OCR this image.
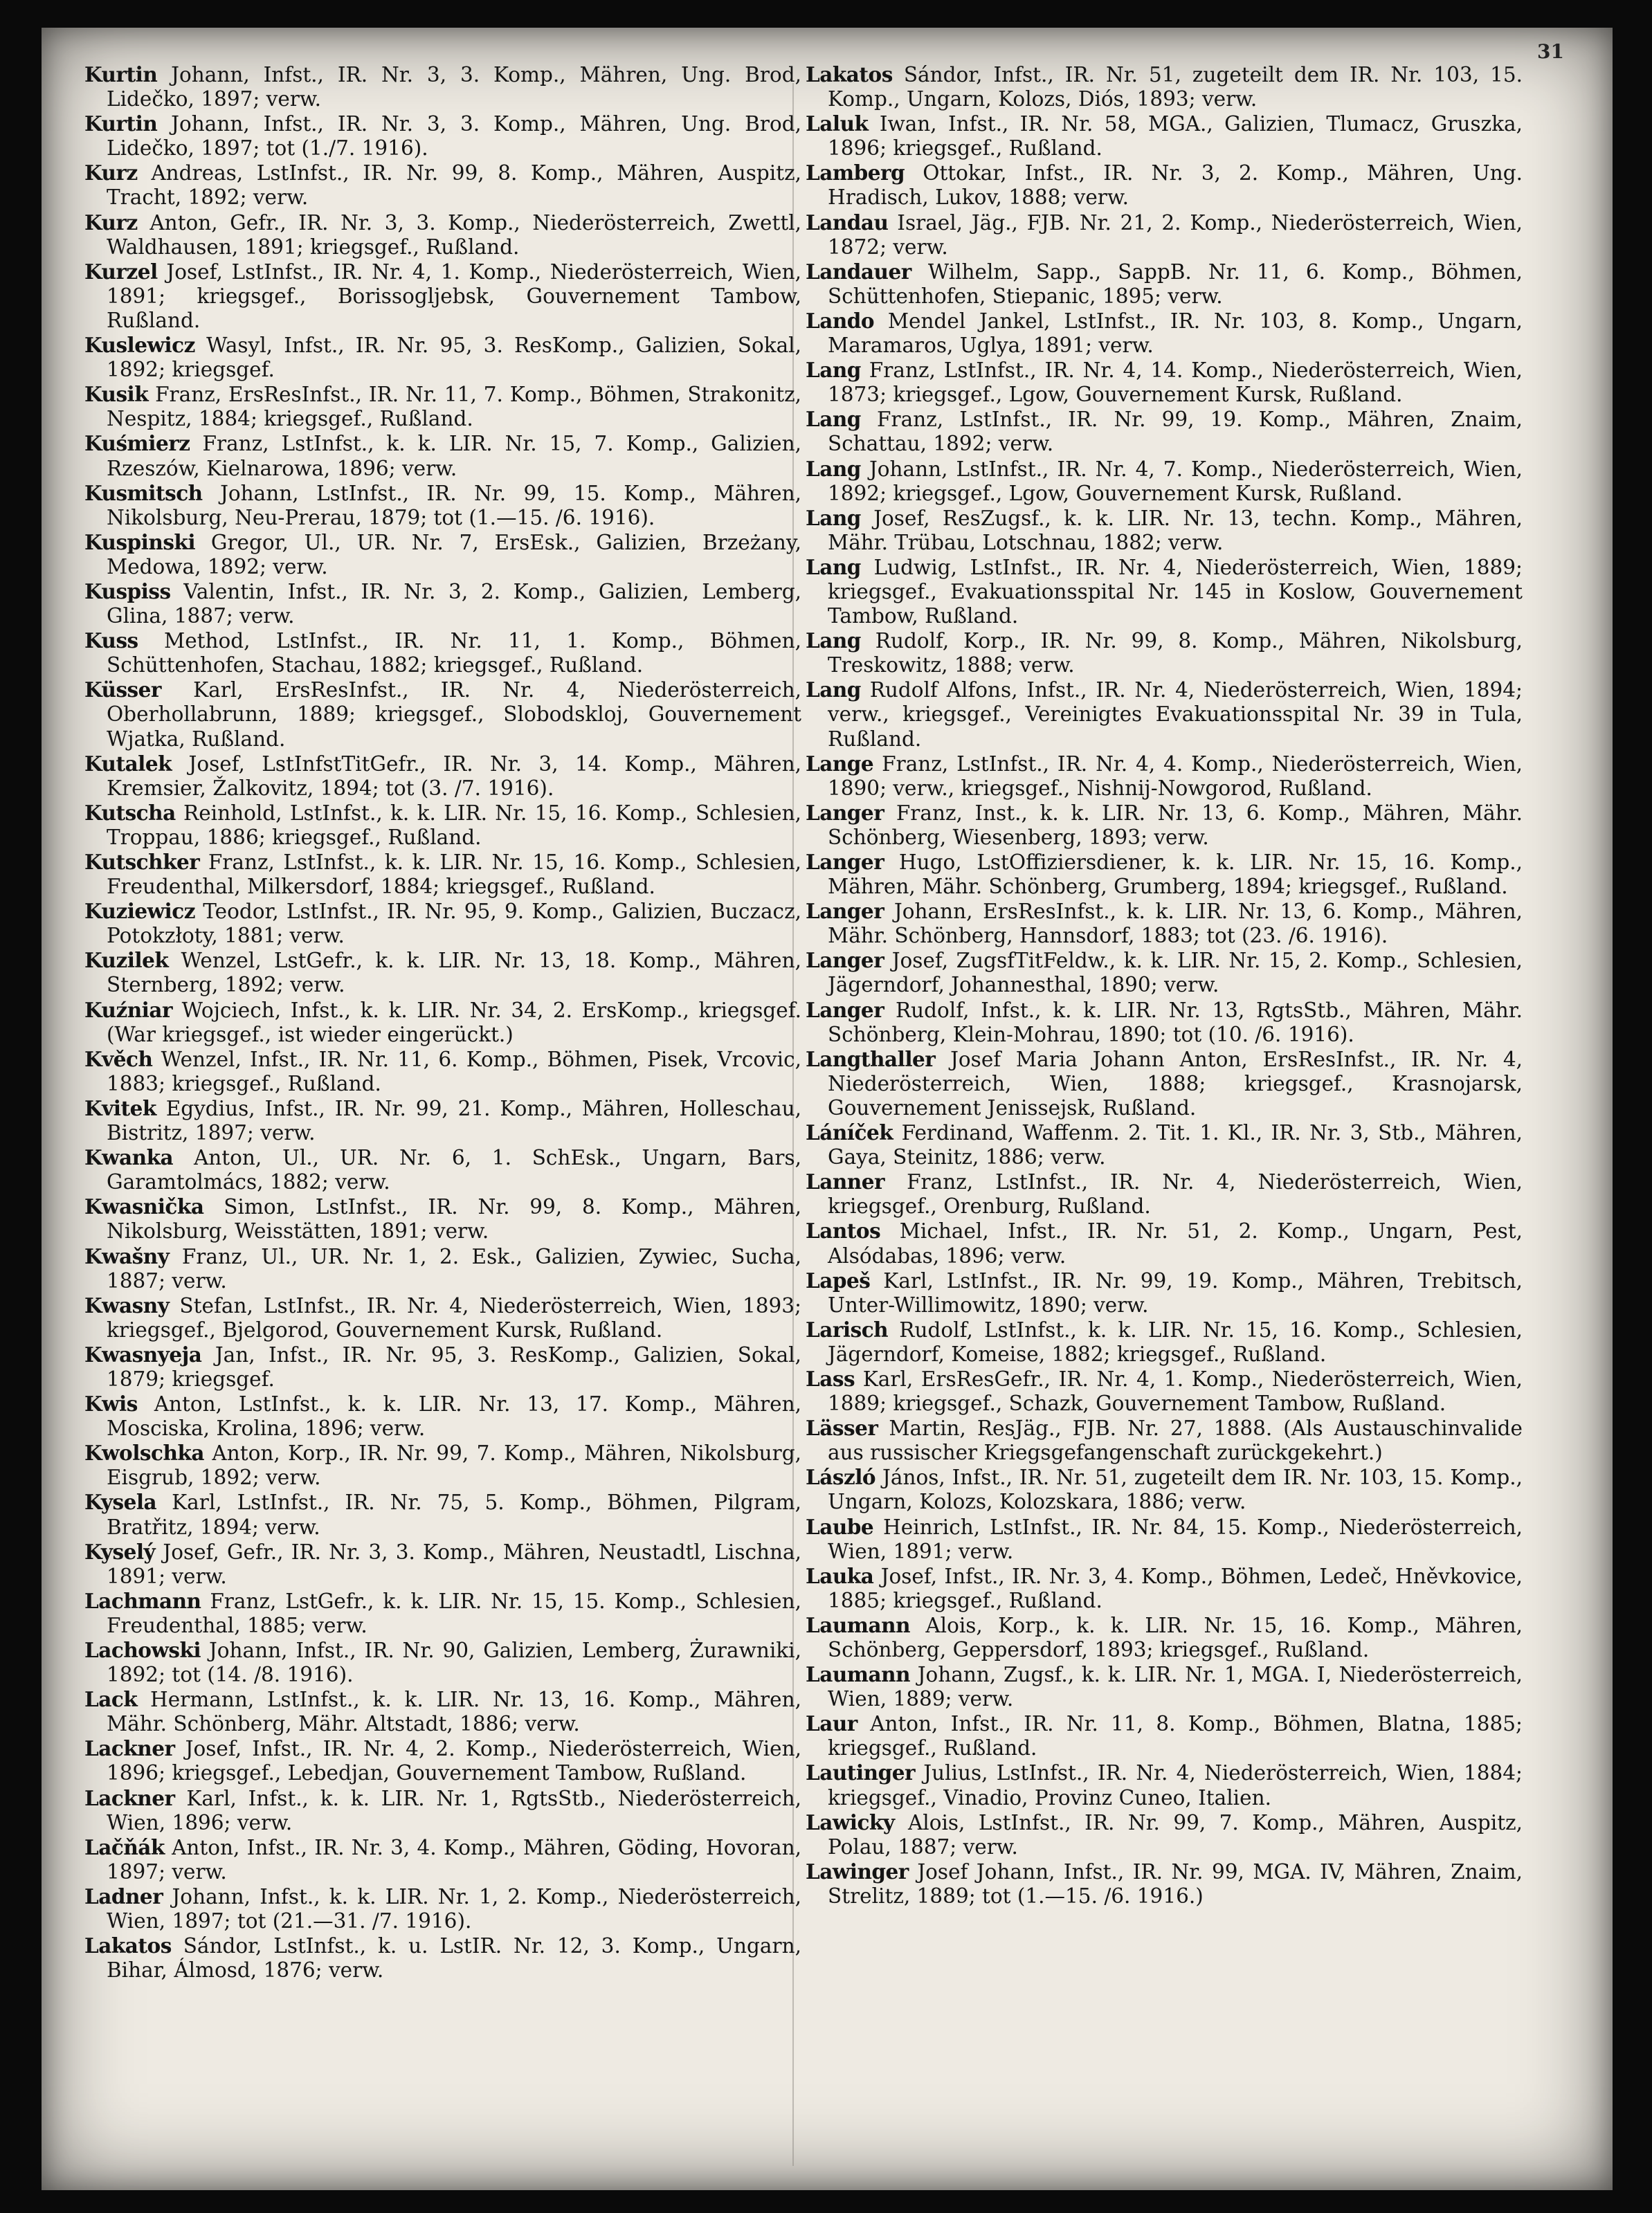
31

Kurtin Johann, Infst., IR. Nr. 3, 3. Komp., Mähren, Ung. Brod, Lidečko, 1897; verw.

Kurtin Johann, Infst., IR. Nr. 3, 3. Komp., Mähren, Ung. Brod, Lidečko, 1897; tot (1./7. 1916).

Kurz Andreas, LstInfst., IR. Nr. 99, 8. Komp., Mähren, Auspitz, Tracht, 1892; verw.

Kurz Anton, Gefr., IR. Nr. 3, 3. Komp., Niederösterreich, Zwettl, Waldhausen, 1891; kriegsgef., Rußland.

Kurzel Josef, LstInfst., IR. Nr. 4, 1. Komp., Niederösterreich, Wien, 1891; kriegsgef., Borissogljebsk, Gouvernement Tambow, Rußland.

Kuslewicz Wasyl, Infst., IR. Nr. 95, 3. ResKomp., Galizien, Sokal, 1892; kriegsgef.

Kusik Franz, ErsResInfst., IR. Nr. 11, 7. Komp., Böhmen, Strakonitz, Nespitz, 1884; kriegsgef., Rußland.

Kuśmierz Franz, LstInfst., k. k. LIR. Nr. 15, 7. Komp., Galizien, Rzeszów, Kielnarowa, 1896; verw.

Kusmitsch Johann, LstInfst., IR. Nr. 99, 15. Komp., Mähren, Nikolsburg, Neu-Prerau, 1879; tot (1.—15. /6. 1916).

Kuspinski Gregor, Ul., UR. Nr. 7, ErsEsk., Galizien, Brzeżany, Medowa, 1892; verw.

Kuspiss Valentin, Infst., IR. Nr. 3, 2. Komp., Galizien, Lemberg, Glina, 1887; verw.

Kuss Method, LstInfst., IR. Nr. 11, 1. Komp., Böhmen, Schüttenhofen, Stachau, 1882; kriegsgef., Rußland.

Küsser Karl, ErsResInfst., IR. Nr. 4, Niederösterreich, Oberhollabrunn, 1889; kriegsgef., Slobodskloj, Gouvernement Wjatka, Rußland.

Kutalek Josef, LstInfstTitGefr., IR. Nr. 3, 14. Komp., Mähren, Kremsier, Žalkovitz, 1894; tot (3. /7. 1916).

Kutscha Reinhold, LstInfst., k. k. LIR. Nr. 15, 16. Komp., Schlesien, Troppau, 1886; kriegsgef., Rußland.

Kutschker Franz, LstInfst., k. k. LIR. Nr. 15, 16. Komp., Schlesien, Freudenthal, Milkersdorf, 1884; kriegsgef., Rußland.

Kuziewicz Teodor, LstInfst., IR. Nr. 95, 9. Komp., Galizien, Buczacz, Potokzłoty, 1881; verw.

Kuzilek Wenzel, LstGefr., k. k. LIR. Nr. 13, 18. Komp., Mähren, Sternberg, 1892; verw.

Kuźniar Wojciech, Infst., k. k. LIR. Nr. 34, 2. ErsKomp., kriegsgef. (War kriegsgef., ist wieder eingerückt.)

Kvěch Wenzel, Infst., IR. Nr. 11, 6. Komp., Böhmen, Pisek, Vrcovic, 1883; kriegsgef., Rußland.

Kvitek Egydius, Infst., IR. Nr. 99, 21. Komp., Mähren, Holleschau, Bistritz, 1897; verw.

Kwanka Anton, Ul., UR. Nr. 6, 1. SchEsk., Ungarn, Bars, Garamtolmács, 1882; verw.

Kwasnička Simon, LstInfst., IR. Nr. 99, 8. Komp., Mähren, Nikolsburg, Weisstätten, 1891; verw.

Kwašny Franz, Ul., UR. Nr. 1, 2. Esk., Galizien, Zywiec, Sucha, 1887; verw.

Kwasny Stefan, LstInfst., IR. Nr. 4, Niederösterreich, Wien, 1893; kriegsgef., Bjelgorod, Gouvernement Kursk, Rußland.

Kwasnyeja Jan, Infst., IR. Nr. 95, 3. ResKomp., Galizien, Sokal, 1879; kriegsgef.

Kwis Anton, LstInfst., k. k. LIR. Nr. 13, 17. Komp., Mähren, Mosciska, Krolina, 1896; verw.

Kwolschka Anton, Korp., IR. Nr. 99, 7. Komp., Mähren, Nikolsburg, Eisgrub, 1892; verw.

Kysela Karl, LstInfst., IR. Nr. 75, 5. Komp., Böhmen, Pilgram, Bratřitz, 1894; verw.

Kyselý Josef, Gefr., IR. Nr. 3, 3. Komp., Mähren, Neustadtl, Lischna, 1891; verw.

Lachmann Franz, LstGefr., k. k. LIR. Nr. 15, 15. Komp., Schlesien, Freudenthal, 1885; verw.

Lachowski Johann, Infst., IR. Nr. 90, Galizien, Lemberg, Żurawniki, 1892; tot (14. /8. 1916).

Lack Hermann, LstInfst., k. k. LIR. Nr. 13, 16. Komp., Mähren, Mähr. Schönberg, Mähr. Altstadt, 1886; verw.

Lackner Josef, Infst., IR. Nr. 4, 2. Komp., Niederösterreich, Wien, 1896; kriegsgef., Lebedjan, Gouvernement Tambow, Rußland.

Lackner Karl, Infst., k. k. LIR. Nr. 1, RgtsStb., Niederösterreich, Wien, 1896; verw.

Lačňák Anton, Infst., IR. Nr. 3, 4. Komp., Mähren, Göding, Hovoran, 1897; verw.

Ladner Johann, Infst., k. k. LIR. Nr. 1, 2. Komp., Niederösterreich, Wien, 1897; tot (21.—31. /7. 1916).

Lakatos Sándor, LstInfst., k. u. LstIR. Nr. 12, 3. Komp., Ungarn, Bihar, Álmosd, 1876; verw.

Lakatos Sándor, Infst., IR. Nr. 51, zugeteilt dem IR. Nr. 103, 15. Komp., Ungarn, Kolozs, Diós, 1893; verw.

Laluk Iwan, Infst., IR. Nr. 58, MGA., Galizien, Tlumacz, Gruszka, 1896; kriegsgef., Rußland.

Lamberg Ottokar, Infst., IR. Nr. 3, 2. Komp., Mähren, Ung. Hradisch, Lukov, 1888; verw.

Landau Israel, Jäg., FJB. Nr. 21, 2. Komp., Niederösterreich, Wien, 1872; verw.

Landauer Wilhelm, Sapp., SappB. Nr. 11, 6. Komp., Böhmen, Schüttenhofen, Stiepanic, 1895; verw.

Lando Mendel Jankel, LstInfst., IR. Nr. 103, 8. Komp., Ungarn, Maramaros, Uglya, 1891; verw.

Lang Franz, LstInfst., IR. Nr. 4, 14. Komp., Niederösterreich, Wien, 1873; kriegsgef., Lgow, Gouvernement Kursk, Rußland.

Lang Franz, LstInfst., IR. Nr. 99, 19. Komp., Mähren, Znaim, Schattau, 1892; verw.

Lang Johann, LstInfst., IR. Nr. 4, 7. Komp., Niederösterreich, Wien, 1892; kriegsgef., Lgow, Gouvernement Kursk, Rußland.

Lang Josef, ResZugsf., k. k. LIR. Nr. 13, techn. Komp., Mähren, Mähr. Trübau, Lotschnau, 1882; verw.

Lang Ludwig, LstInfst., IR. Nr. 4, Niederösterreich, Wien, 1889; kriegsgef., Evakuationsspital Nr. 145 in Koslow, Gouvernement Tambow, Rußland.

Lang Rudolf, Korp., IR. Nr. 99, 8. Komp., Mähren, Nikolsburg, Treskowitz, 1888; verw.

Lang Rudolf Alfons, Infst., IR. Nr. 4, Niederösterreich, Wien, 1894; verw., kriegsgef., Vereinigtes Evakuationsspital Nr. 39 in Tula, Rußland.

Lange Franz, LstInfst., IR. Nr. 4, 4. Komp., Niederösterreich, Wien, 1890; verw., kriegsgef., Nishnij-Nowgorod, Rußland.

Langer Franz, Inst., k. k. LIR. Nr. 13, 6. Komp., Mähren, Mähr. Schönberg, Wiesenberg, 1893; verw.

Langer Hugo, LstOffiziersdiener, k. k. LIR. Nr. 15, 16. Komp., Mähren, Mähr. Schönberg, Grumberg, 1894; kriegsgef., Rußland.

Langer Johann, ErsResInfst., k. k. LIR. Nr. 13, 6. Komp., Mähren, Mähr. Schönberg, Hannsdorf, 1883; tot (23. /6. 1916).

Langer Josef, ZugsfTitFeldw., k. k. LIR. Nr. 15, 2. Komp., Schlesien, Jägerndorf, Johannesthal, 1890; verw.

Langer Rudolf, Infst., k. k. LIR. Nr. 13, RgtsStb., Mähren, Mähr. Schönberg, Klein-Mohrau, 1890; tot (10. /6. 1916).

Langthaller Josef Maria Johann Anton, ErsResInfst., IR. Nr. 4, Niederösterreich, Wien, 1888; kriegsgef., Krasnojarsk, Gouvernement Jenissejsk, Rußland.

Láníček Ferdinand, Waffenm. 2. Tit. 1. Kl., IR. Nr. 3, Stb., Mähren, Gaya, Steinitz, 1886; verw.

Lanner Franz, LstInfst., IR. Nr. 4, Niederösterreich, Wien, kriegsgef., Orenburg, Rußland.

Lantos Michael, Infst., IR. Nr. 51, 2. Komp., Ungarn, Pest, Alsódabas, 1896; verw.

Lapeš Karl, LstInfst., IR. Nr. 99, 19. Komp., Mähren, Trebitsch, Unter-Willimowitz, 1890; verw.

Larisch Rudolf, LstInfst., k. k. LIR. Nr. 15, 16. Komp., Schlesien, Jägerndorf, Komeise, 1882; kriegsgef., Rußland.

Lass Karl, ErsResGefr., IR. Nr. 4, 1. Komp., Niederösterreich, Wien, 1889; kriegsgef., Schazk, Gouvernement Tambow, Rußland.

Lässer Martin, ResJäg., FJB. Nr. 27, 1888. (Als Austauschinvalide aus russischer Kriegsgefangenschaft zurückgekehrt.)

László János, Infst., IR. Nr. 51, zugeteilt dem IR. Nr. 103, 15. Komp., Ungarn, Kolozs, Kolozskara, 1886; verw.

Laube Heinrich, LstInfst., IR. Nr. 84, 15. Komp., Niederösterreich, Wien, 1891; verw.

Lauka Josef, Infst., IR. Nr. 3, 4. Komp., Böhmen, Ledeč, Hněvkovice, 1885; kriegsgef., Rußland.

Laumann Alois, Korp., k. k. LIR. Nr. 15, 16. Komp., Mähren, Schönberg, Geppersdorf, 1893; kriegsgef., Rußland.

Laumann Johann, Zugsf., k. k. LIR. Nr. 1, MGA. I, Niederösterreich, Wien, 1889; verw.

Laur Anton, Infst., IR. Nr. 11, 8. Komp., Böhmen, Blatna, 1885; kriegsgef., Rußland.

Lautinger Julius, LstInfst., IR. Nr. 4, Niederösterreich, Wien, 1884; kriegsgef., Vinadio, Provinz Cuneo, Italien.

Lawicky Alois, LstInfst., IR. Nr. 99, 7. Komp., Mähren, Auspitz, Polau, 1887; verw.

Lawinger Josef Johann, Infst., IR. Nr. 99, MGA. IV, Mähren, Znaim, Strelitz, 1889; tot (1.—15. /6. 1916.)
